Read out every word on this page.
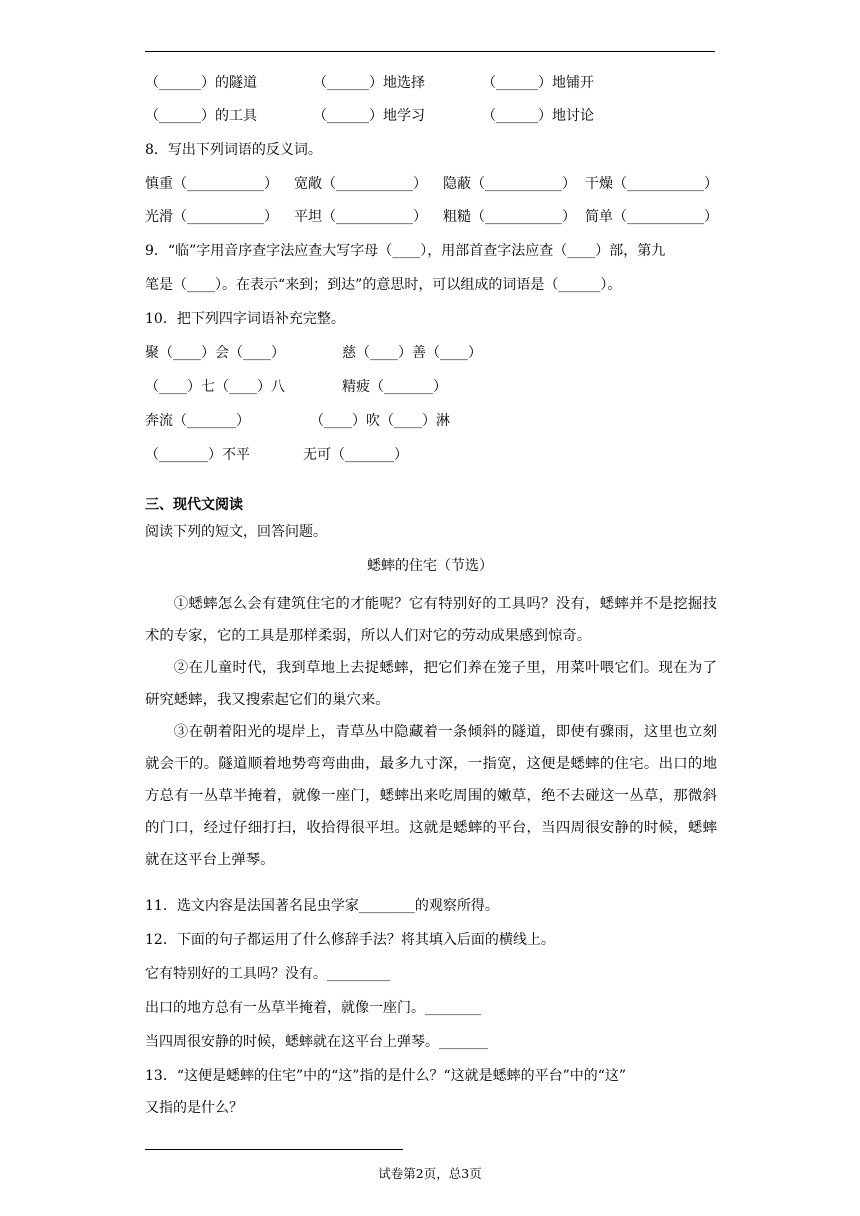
（______）的隧道	（______）地选择	（______）地铺开
（______）的工具	（______）地学习	（______）地讨论
8．写出下列词语的反义词。
慎重（___________） 宽敞（___________） 隐蔽（___________） 干燥（___________）
光滑（___________） 平坦（___________） 粗糙（___________） 简单（___________）
9．“临”字用音序查字法应查大写字母（____），用部首查字法应查（____）部，第九
笔是（____）。在表示“来到；到达”的意思时，可以组成的词语是（______）。
10．把下列四字词语补充完整。
聚（____）会（____）	慈（____）善（____）
（____）七（____）八	精疲（_______）
奔流（_______）	（____）吹（____）淋
（_______）不平	无可（_______）
三、现代文阅读
阅读下列的短文，回答问题。
蟋蟀的住宅（节选）
①蟋蟀怎么会有建筑住宅的才能呢？它有特别好的工具吗？没有，蟋蟀并不是挖掘技术的专家，它的工具是那样柔弱，所以人们对它的劳动成果感到惊奇。
②在儿童时代，我到草地上去捉蟋蟀，把它们养在笼子里，用菜叶喂它们。现在为了研究蟋蟀，我又搜索起它们的巢穴来。
③在朝着阳光的堤岸上，青草丛中隐藏着一条倾斜的隧道，即使有骤雨，这里也立刻就会干的。隧道顺着地势弯弯曲曲，最多九寸深，一指宽，这便是蟋蟀的住宅。出口的地方总有一丛草半掩着，就像一座门，蟋蟀出来吃周围的嫩草，绝不去碰这一丛草，那微斜的门口，经过仔细打扫，收拾得很平坦。这就是蟋蟀的平台，当四周很安静的时候，蟋蟀就在这平台上弹琴。
11．选文内容是法国著名昆虫学家________的观察所得。
12．下面的句子都运用了什么修辞手法？将其填入后面的横线上。
它有特别好的工具吗？没有。_________
出口的地方总有一丛草半掩着，就像一座门。________
当四周很安静的时候，蟋蟀就在这平台上弹琴。_______
13．“这便是蟋蟀的住宅”中的“这”指的是什么？“这就是蟋蟀的平台”中的“这”
又指的是什么？
试卷第2页，总3页
